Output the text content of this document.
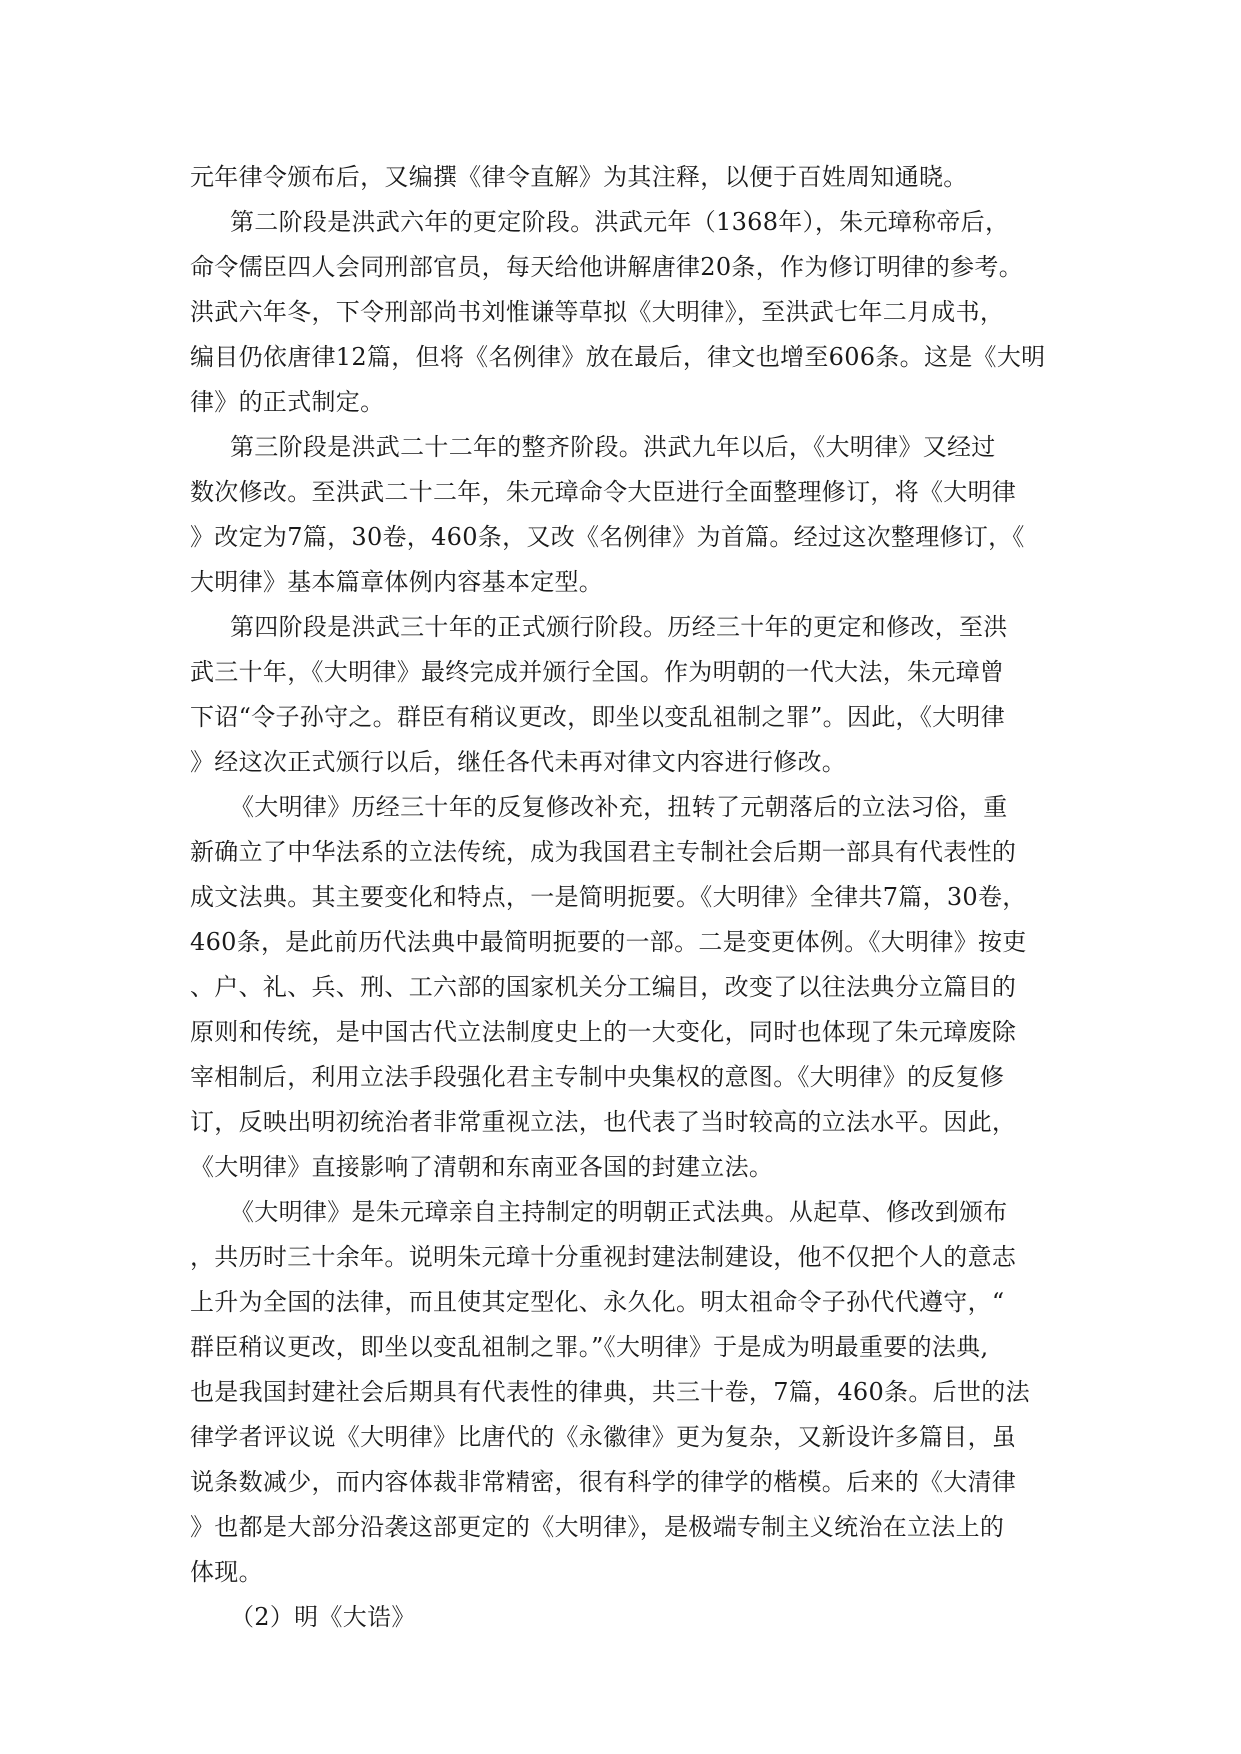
元年律令颁布后，又编撰《律令直解》为其注释，以便于百姓周知通晓。
第二阶段是洪武六年的更定阶段。洪武元年（1368年），朱元璋称帝后，
命令儒臣四人会同刑部官员，每天给他讲解唐律20条，作为修订明律的参考。
洪武六年冬，下令刑部尚书刘惟谦等草拟《大明律》，至洪武七年二月成书，
编目仍依唐律12篇，但将《名例律》放在最后，律文也增至606条。这是《大明
律》的正式制定。
第三阶段是洪武二十二年的整齐阶段。洪武九年以后，《大明律》又经过
数次修改。至洪武二十二年，朱元璋命令大臣进行全面整理修订，将《大明律
》改定为7篇，30卷，460条，又改《名例律》为首篇。经过这次整理修订，《
大明律》基本篇章体例内容基本定型。
第四阶段是洪武三十年的正式颁行阶段。历经三十年的更定和修改，至洪
武三十年，《大明律》最终完成并颁行全国。作为明朝的一代大法，朱元璋曾
下诏“令子孙守之。群臣有稍议更改，即坐以变乱祖制之罪”。因此，《大明律
》经这次正式颁行以后，继任各代未再对律文内容进行修改。
《大明律》历经三十年的反复修改补充，扭转了元朝落后的立法习俗，重
新确立了中华法系的立法传统，成为我国君主专制社会后期一部具有代表性的
成文法典。其主要变化和特点，一是简明扼要。《大明律》全律共7篇，30卷，
460条，是此前历代法典中最简明扼要的一部。二是变更体例。《大明律》按吏
、户、礼、兵、刑、工六部的国家机关分工编目，改变了以往法典分立篇目的
原则和传统，是中国古代立法制度史上的一大变化，同时也体现了朱元璋废除
宰相制后，利用立法手段强化君主专制中央集权的意图。《大明律》的反复修
订，反映出明初统治者非常重视立法，也代表了当时较高的立法水平。因此，
《大明律》直接影响了清朝和东南亚各国的封建立法。
《大明律》是朱元璋亲自主持制定的明朝正式法典。从起草、修改到颁布
，共历时三十余年。说明朱元璋十分重视封建法制建设，他不仅把个人的意志
上升为全国的法律，而且使其定型化、永久化。明太祖命令子孙代代遵守，“
群臣稍议更改，即坐以变乱祖制之罪。”《大明律》于是成为明最重要的法典,
也是我国封建社会后期具有代表性的律典，共三十卷，7篇，460条。后世的法
律学者评议说《大明律》比唐代的《永徽律》更为复杂，又新设许多篇目，虽
说条数减少，而内容体裁非常精密，很有科学的律学的楷模。后来的《大清律
》也都是大部分沿袭这部更定的《大明律》，是极端专制主义统治在立法上的
体现。
（2）明《大诰》
